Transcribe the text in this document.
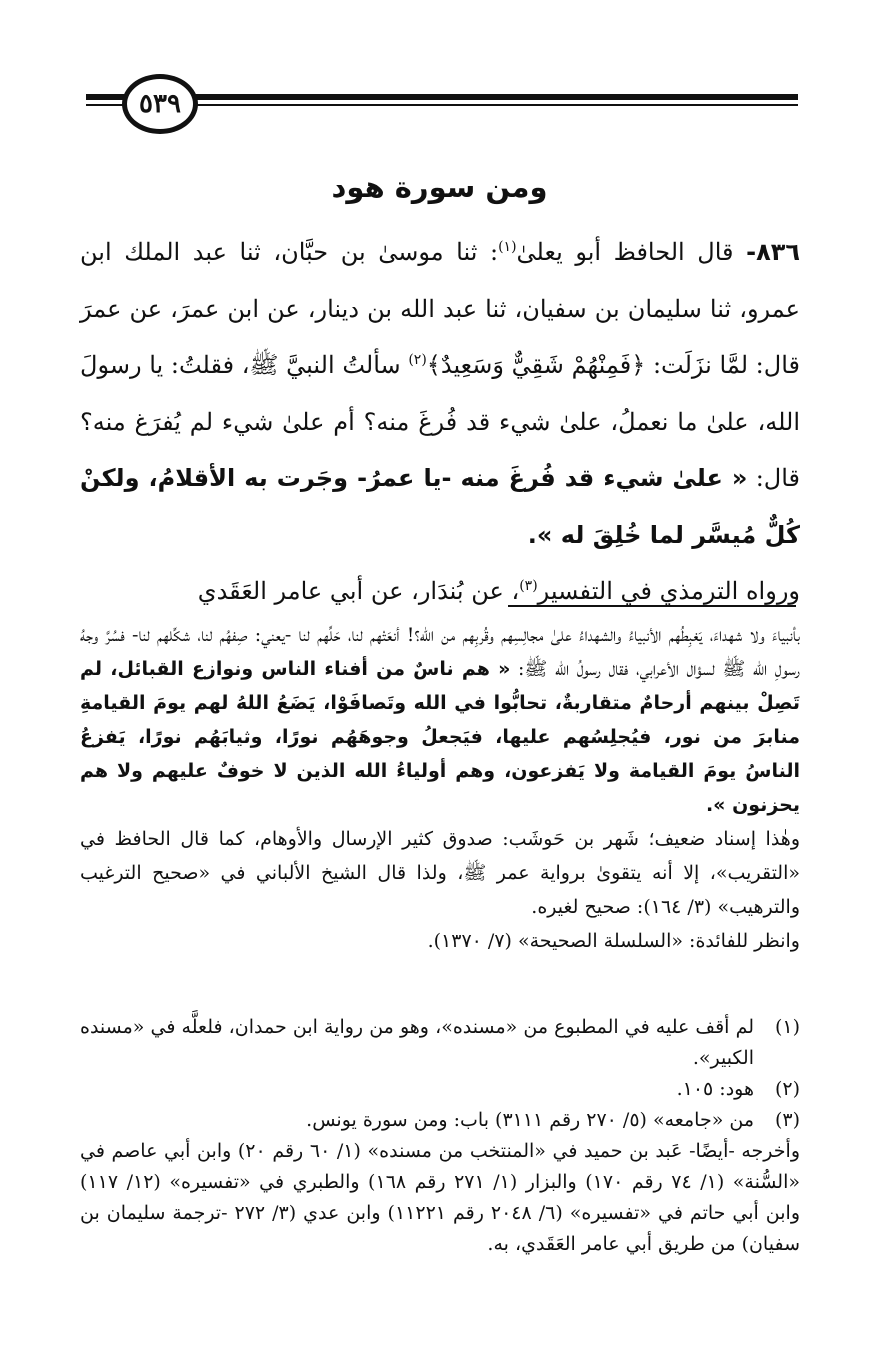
٥٣٩
ومن سورة هود

٨٣٦- قال الحافظ أبو يعلىٰ$^{(١)}$: ثنا موسىٰ بن حبَّان، ثنا عبد الملك ابن عمرو، ثنا سليمان بن سفيان، ثنا عبد الله بن دينار، عن ابن عمرَ، عن عمرَ قال: لمَّا نزَلَت: ﴿فَمِنْهُمْ شَقِيٌّ وَسَعِيدٌ﴾$^{(٢)}$ سألتُ النبيَّ ﷺ، فقلتُ: يا رسولَ الله، علىٰ ما نعملُ، علىٰ شيء قد فُرغَ منه؟ أم علىٰ شيء لم يُفرَغ منه؟ قال: « علىٰ شيء قد فُرغَ منه -يا عمرُ- وجَرت به الأقلامُ، ولكنْ كُلٌّ مُيسَّر لما خُلِقَ له ».

ورواه الترمذي في التفسير$^{(٣)}$، عن بُندَار، عن أبي عامر العَقَدي

بأنبياءَ ولا شهداءَ، يَغبِطُهم الأنبياءُ والشهداءُ علىٰ مجالِسِهم وقُربِهم من الله؟! أنعَتْهم لنا، حَلِّهم لنا -يعني: صِفهُم لنا، شكِّلهم لنا- فسُرَّ وجهُ رسولِ الله ﷺ لسؤال الأعرابي، فقال رسولُ الله ﷺ: « هم ناسٌ من أفناء الناس ونوازع القبائل، لم تَصِلْ بينهم أرحامٌ متقاربةٌ، تحابُّوا في الله وتَصافَوْا، يَضَعُ اللهُ لهم يومَ القيامةِ منابرَ من نور، فيُجلِسُهم عليها، فيَجعلُ وجوهَهُم نورًا، وثيابَهُم نورًا، يَفزعُ الناسُ يومَ القيامة ولا يَفزعون، وهم أولياءُ الله الذين لا خوفٌ عليهم ولا هم يحزنون ».

وهٰذا إسناد ضعيف؛ شَهر بن حَوشَب: صدوق كثير الإرسال والأوهام، كما قال الحافظ في «التقريب»، إلا أنه يتقوىٰ برواية عمر ﷺ، ولذا قال الشيخ الألباني في «صحيح الترغيب والترهيب» (٣/ ١٦٤): صحيح لغيره.

وانظر للفائدة: «السلسلة الصحيحة» (٧/ ١٣٧٠).

(١)
لم أقف عليه في المطبوع من «مسنده»، وهو من رواية ابن حمدان، فلعلَّه في «مسنده الكبير».
(٢)
هود: ١٠٥.
(٣)
من «جامعه» (٥/ ٢٧٠ رقم ٣١١١) باب: ومن سورة يونس.

وأخرجه -أيضًا- عَبد بن حميد في «المنتخب من مسنده» (١/ ٦٠ رقم ٢٠) وابن أبي عاصم في «السُّنة» (١/ ٧٤ رقم ١٧٠) والبزار (١/ ٢٧١ رقم ١٦٨) والطبري في «تفسيره» (١٢/ ١١٧) وابن أبي حاتم في «تفسيره» (٦/ ٢٠٤٨ رقم ١١٢٢١) وابن عدي (٣/ ٢٧٢ -ترجمة سليمان بن سفيان) من طريق أبي عامر العَقَدي، به.
